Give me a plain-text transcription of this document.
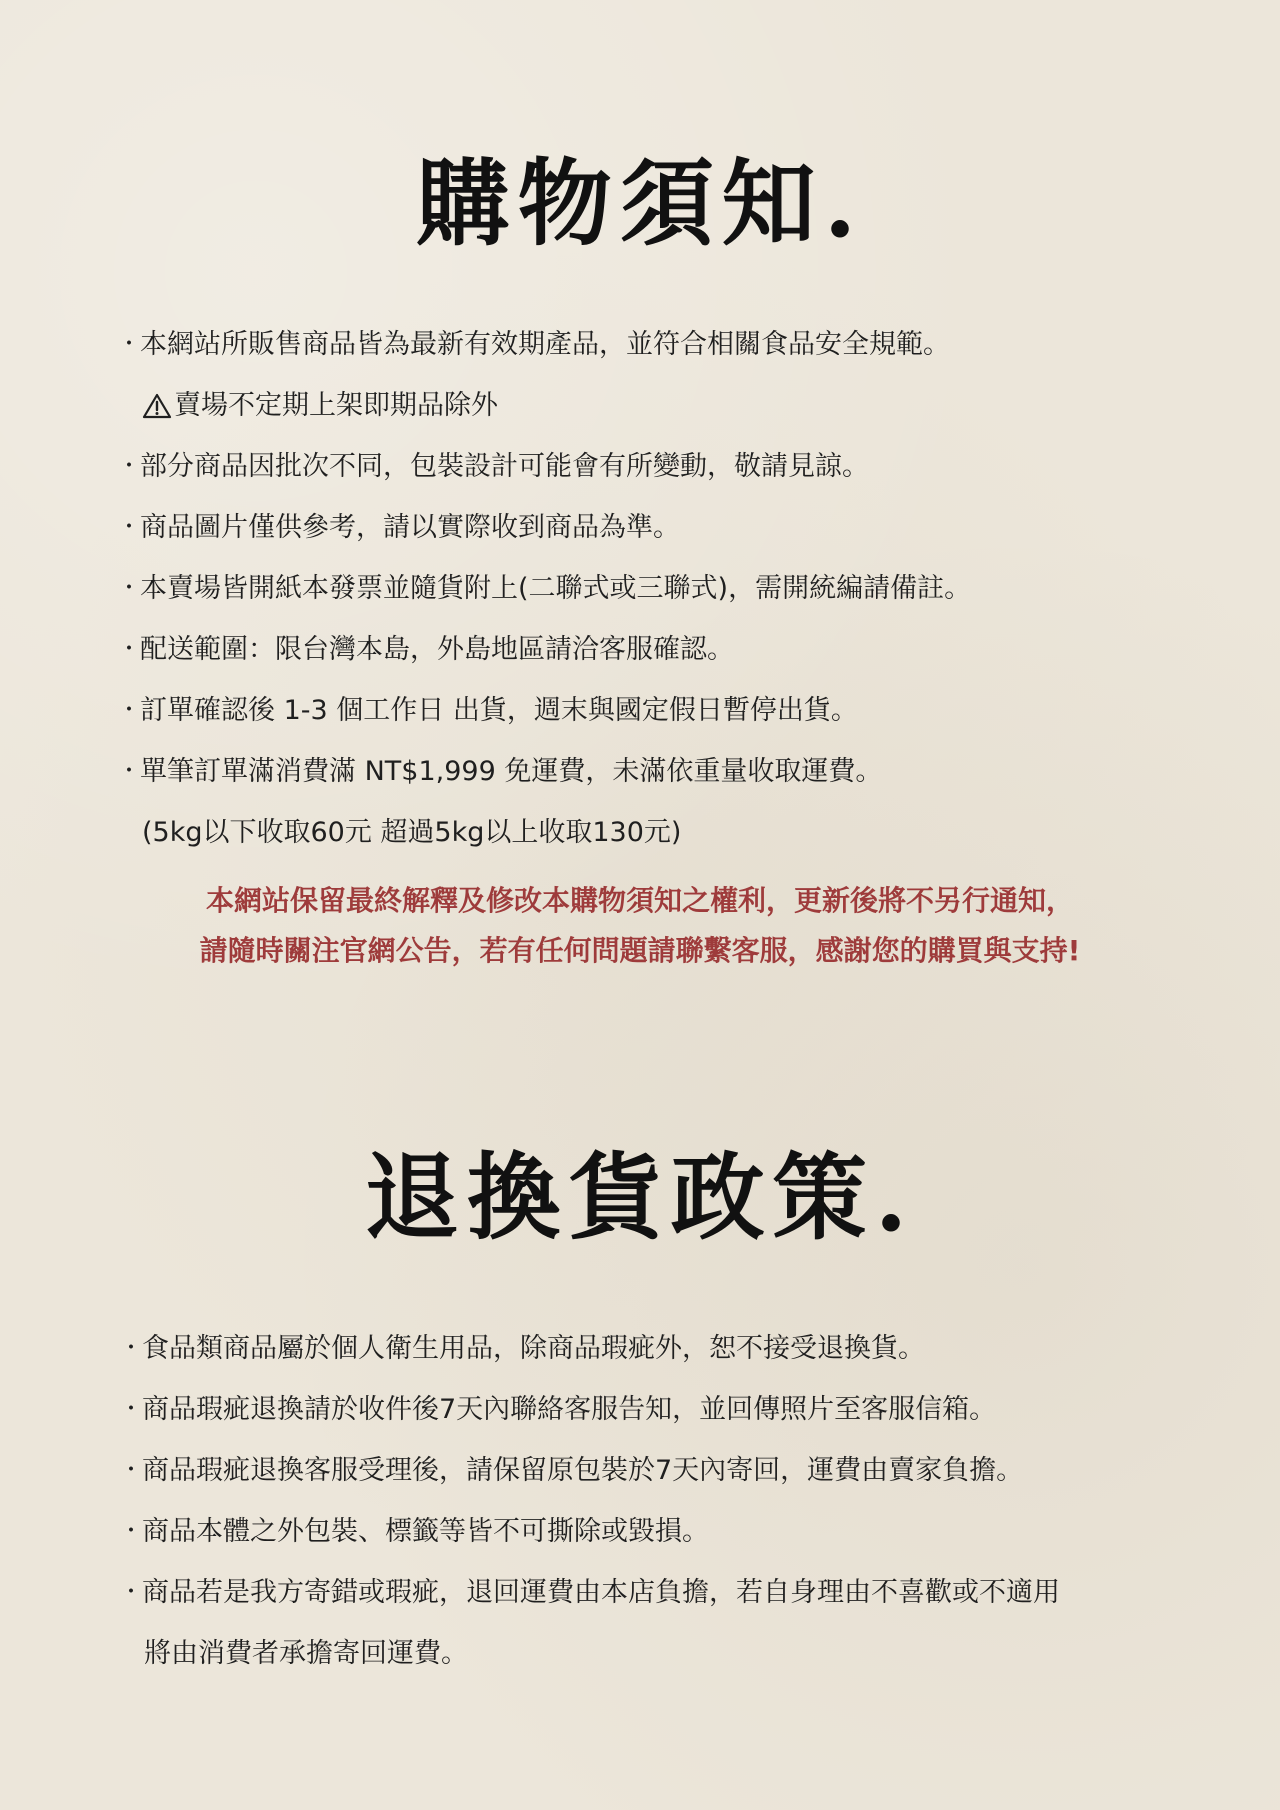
購物須知.
・ 本網站所販售商品皆為最新有效期產品，並符合相關食品安全規範。
賣場不定期上架即期品除外
・ 部分商品因批次不同，包裝設計可能會有所變動，敬請見諒。
・ 商品圖片僅供參考，請以實際收到商品為準。
・ 本賣場皆開紙本發票並隨貨附上(二聯式或三聯式)，需開統編請備註。
・ 配送範圍：限台灣本島，外島地區請洽客服確認。
・ 訂單確認後 1-3 個工作日 出貨，週末與國定假日暫停出貨。
・ 單筆訂單滿消費滿 NT$1,999 免運費，未滿依重量收取運費。
(5kg以下收取60元 超過5kg以上收取130元)

本網站保留最終解釋及修改本購物須知之權利，更新後將不另行通知，
請隨時關注官網公告，若有任何問題請聯繫客服，感謝您的購買與支持!

退換貨政策.
・ 食品類商品屬於個人衛生用品，除商品瑕疵外，恕不接受退換貨。
・ 商品瑕疵退換請於收件後7天內聯絡客服告知，並回傳照片至客服信箱。
・ 商品瑕疵退換客服受理後，請保留原包裝於7天內寄回，運費由賣家負擔。
・ 商品本體之外包裝、標籤等皆不可撕除或毀損。
・ 商品若是我方寄錯或瑕疵，退回運費由本店負擔，若自身理由不喜歡或不適用
將由消費者承擔寄回運費。
